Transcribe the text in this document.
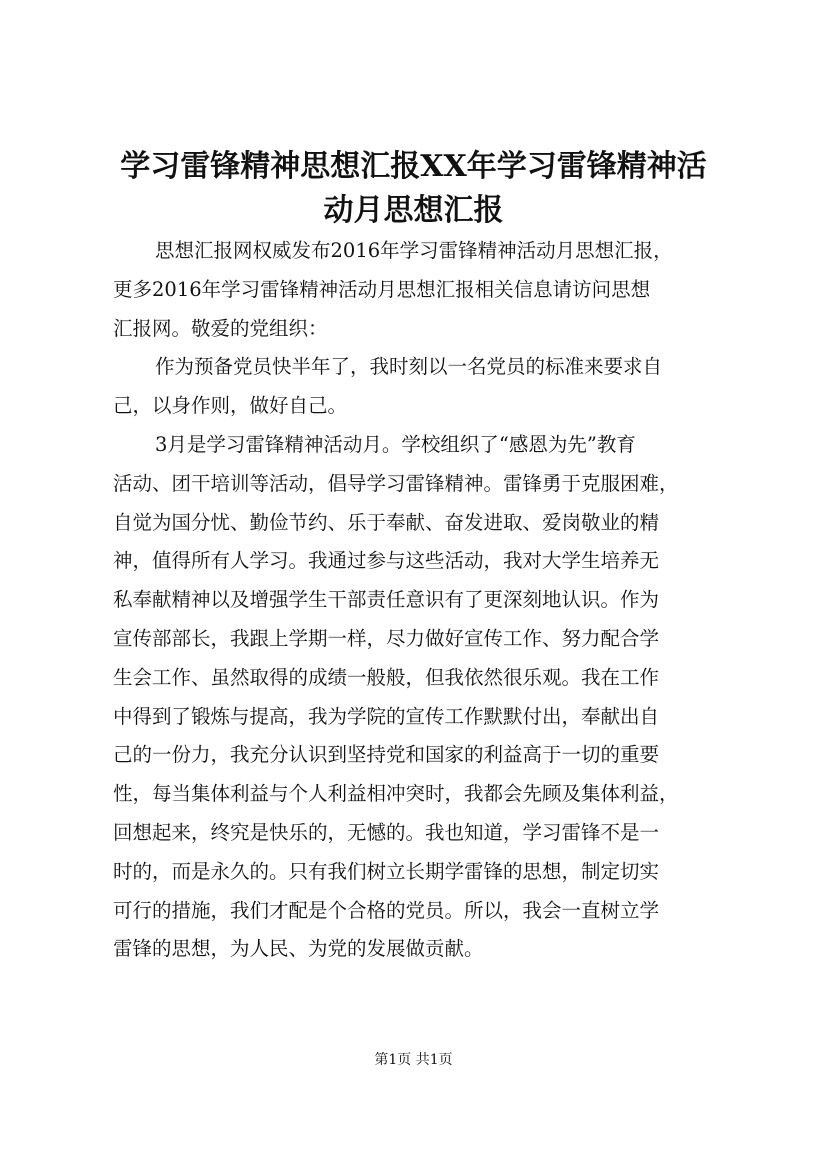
学习雷锋精神思想汇报XX年学习雷锋精神活
动月思想汇报
思想汇报网权威发布2016年学习雷锋精神活动月思想汇报，
更多2016年学习雷锋精神活动月思想汇报相关信息请访问思想
汇报网。敬爱的党组织：
作为预备党员快半年了，我时刻以一名党员的标准来要求自
己，以身作则，做好自己。
3月是学习雷锋精神活动月。学校组织了“感恩为先”教育
活动、团干培训等活动，倡导学习雷锋精神。雷锋勇于克服困难，
自觉为国分忧、勤俭节约、乐于奉献、奋发进取、爱岗敬业的精
神，值得所有人学习。我通过参与这些活动，我对大学生培养无
私奉献精神以及增强学生干部责任意识有了更深刻地认识。作为
宣传部部长，我跟上学期一样，尽力做好宣传工作、努力配合学
生会工作、虽然取得的成绩一般般，但我依然很乐观。我在工作
中得到了锻炼与提高，我为学院的宣传工作默默付出，奉献出自
己的一份力，我充分认识到坚持党和国家的利益高于一切的重要
性，每当集体利益与个人利益相冲突时，我都会先顾及集体利益，
回想起来，终究是快乐的，无憾的。我也知道，学习雷锋不是一
时的，而是永久的。只有我们树立长期学雷锋的思想，制定切实
可行的措施，我们才配是个合格的党员。所以，我会一直树立学
雷锋的思想，为人民、为党的发展做贡献。
第1页 共1页
